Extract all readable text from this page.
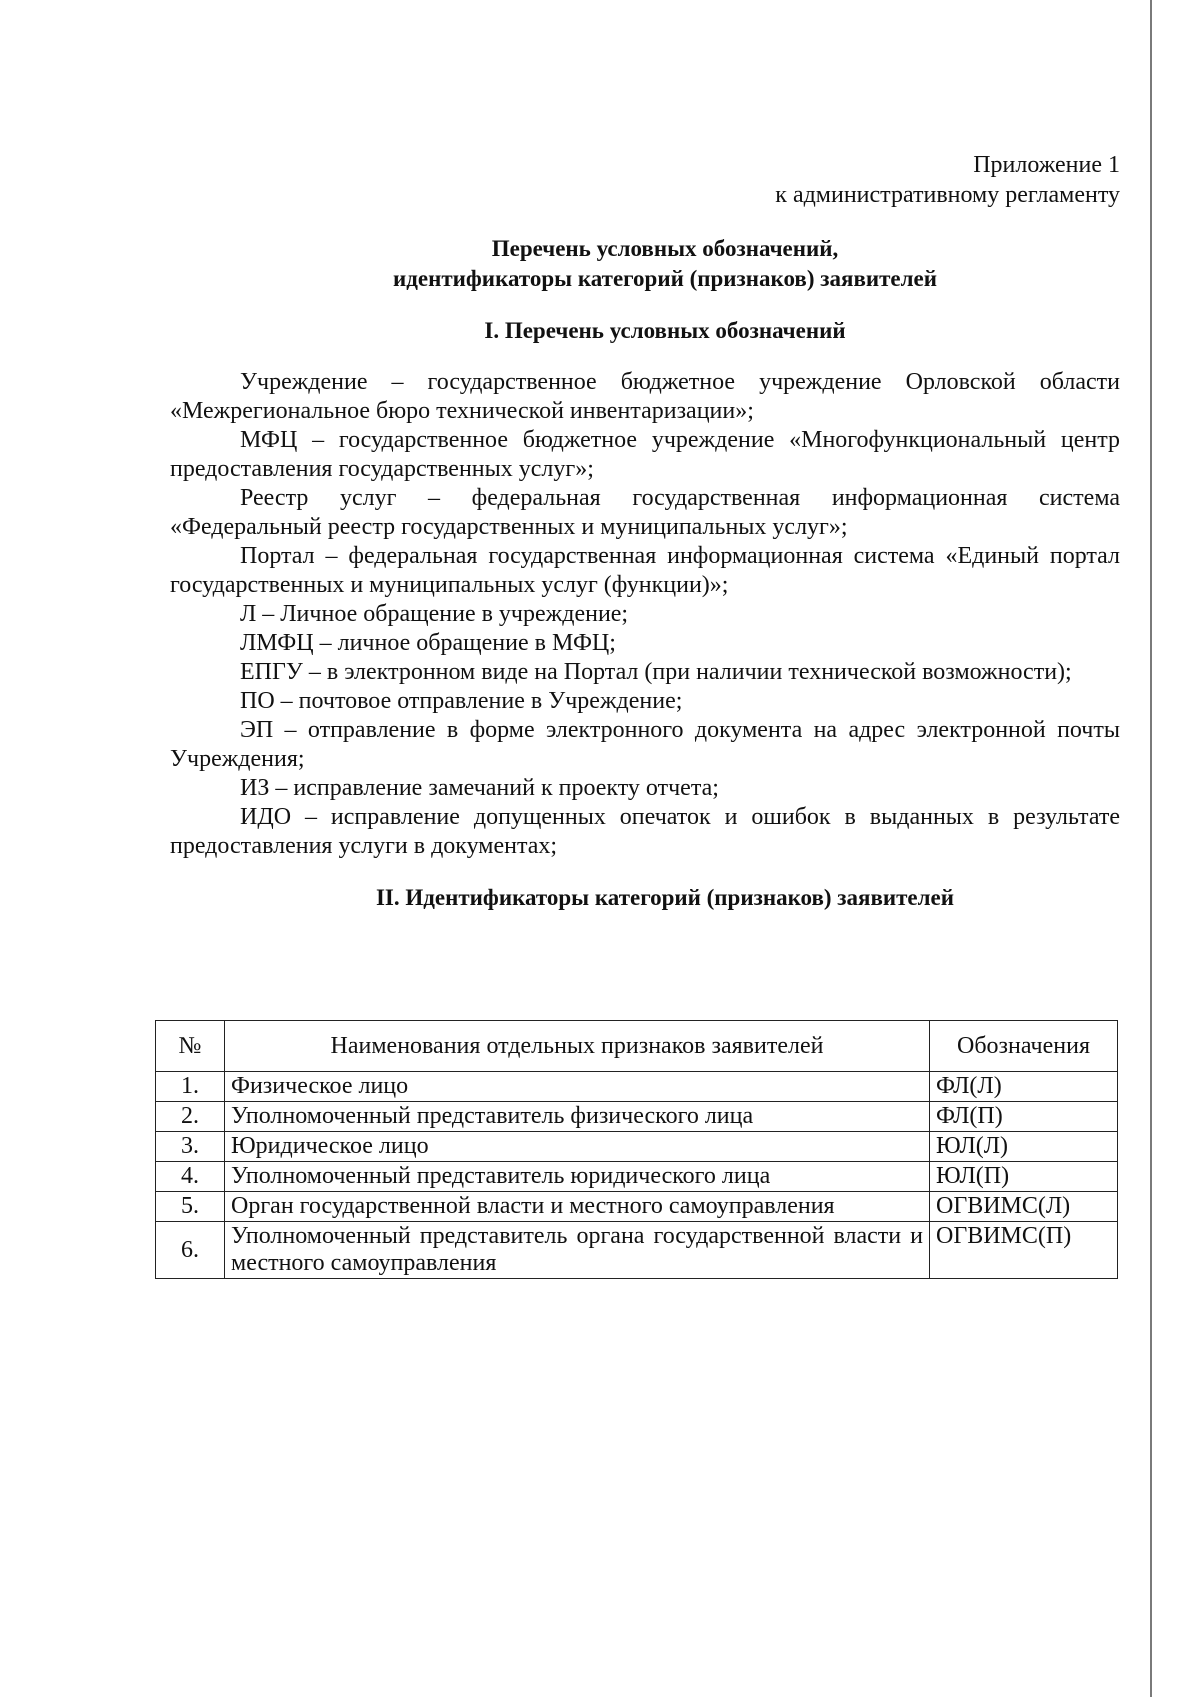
Приложение 1
к административному регламенту
Перечень условных обозначений,
идентификаторы категорий (признаков) заявителей
I. Перечень условных обозначений

Учреждение – государственное бюджетное учреждение Орловской области «Межрегиональное бюро технической инвентаризации»;

МФЦ – государственное бюджетное учреждение «Многофункциональный центр предоставления государственных услуг»;

Реестр услуг – федеральная государственная информационная система «Федеральный реестр государственных и муниципальных услуг»;

Портал – федеральная государственная информационная система «Единый портал государственных и муниципальных услуг (функции)»;

Л – Личное обращение в учреждение;

ЛМФЦ – личное обращение в МФЦ;

ЕПГУ – в электронном виде на Портал (при наличии технической возможности);

ПО – почтовое отправление в Учреждение;

ЭП – отправление в форме электронного документа на адрес электронной почты Учреждения;

ИЗ – исправление замечаний к проекту отчета;

ИДО – исправление допущенных опечаток и ошибок в выданных в результате предоставления услуги в документах;

II. Идентификаторы категорий (признаков) заявителей
№	Наименования отдельных признаков заявителей	Обозначения
1.	Физическое лицо	ФЛ(Л)
2.	Уполномоченный представитель физического лица	ФЛ(П)
3.	Юридическое лицо	ЮЛ(Л)
4.	Уполномоченный представитель юридического лица	ЮЛ(П)
5.	Орган государственной власти и местного самоуправления	ОГВИМС(Л)
6.	Уполномоченный представитель органа государственной власти и местного самоуправления	ОГВИМС(П)
